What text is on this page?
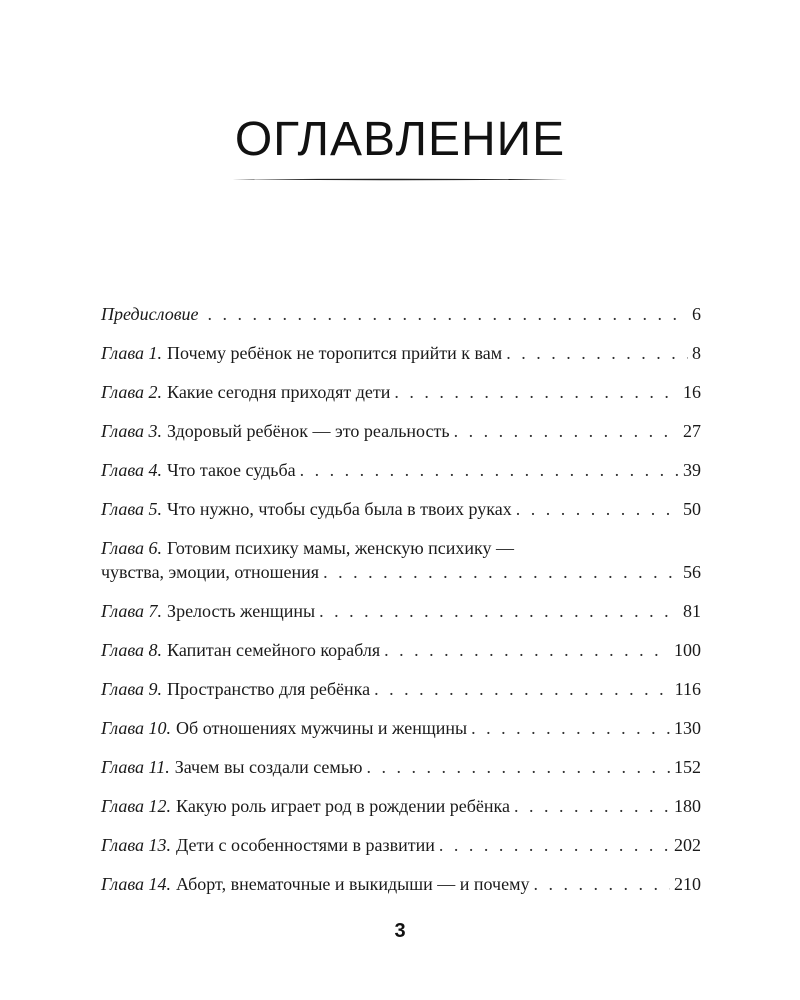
ОГЛАВЛЕНИЕ
Предисловие . . .	6
Глава 1. Почему ребёнок не торопится прийти к вам . . .	8
Глава 2. Какие сегодня приходят дети . . .	16
Глава 3. Здоровый ребёнок — это реальность . . .	27
Глава 4. Что такое судьба . . .	39
Глава 5. Что нужно, чтобы судьба была в твоих руках . . .	50
Глава 6. Готовим психику мамы, женскую психику —
чувства, эмоции, отношения . . .	56
Глава 7. Зрелость женщины . . .	81
Глава 8. Капитан семейного корабля . . .	100
Глава 9. Пространство для ребёнка . . .	116
Глава 10. Об отношениях мужчины и женщины . . .	130
Глава 11. Зачем вы создали семью . . .	152
Глава 12. Какую роль играет род в рождении ребёнка . . .	180
Глава 13. Дети с особенностями в развитии . . .	202
Глава 14. Аборт, внематочные и выкидыши — и почему . . .	210
3
